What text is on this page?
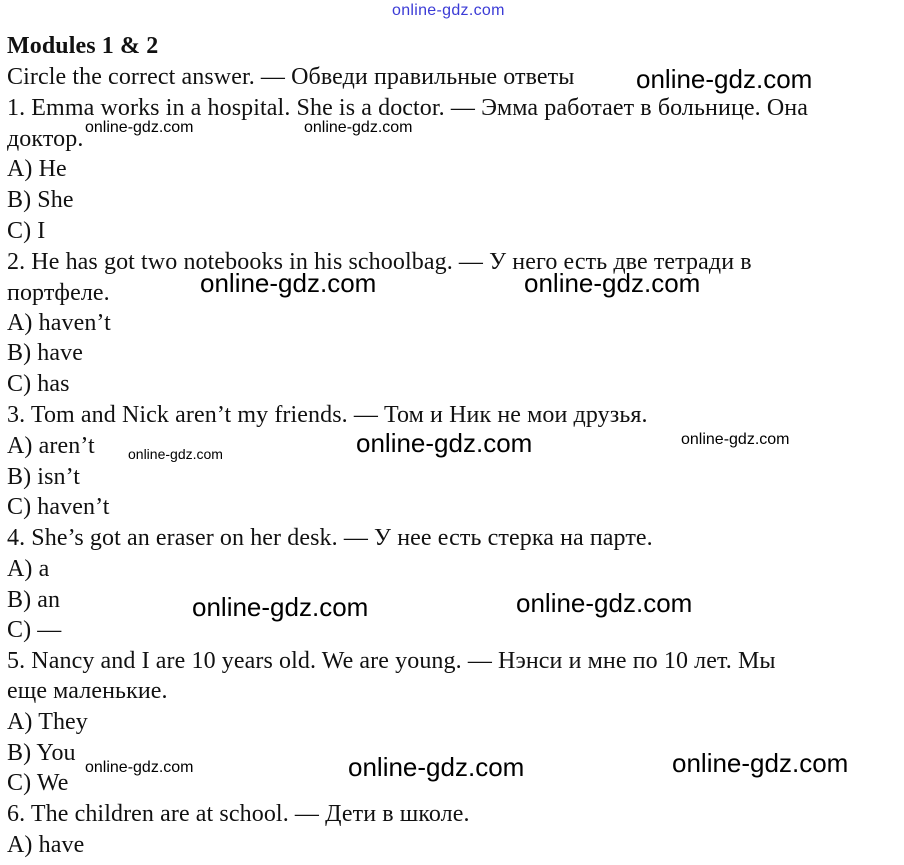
online-gdz.com
Modules 1 & 2
Circle the correct answer. — Обведи правильные ответы
1. Emma works in a hospital. She is a doctor. — Эмма работает в больнице. Она
доктор.
A) He
B) She
C) I
2. He has got two notebooks in his schoolbag. — У него есть две тетради в
портфеле.
A) haven’t
B) have
C) has
3. Tom and Nick aren’t my friends. — Том и Ник не мои друзья.
A) aren’t
B) isn’t
C) haven’t
4. She’s got an eraser on her desk. — У нее есть стерка на парте.
A) a
B) an
C) —
5. Nancy and I are 10 years old. We are young. — Нэнси и мне по 10 лет. Мы
еще маленькие.
A) They
B) You
C) We
6. The children are at school. — Дети в школе.
A) have
online-gdz.com
online-gdz.com	online-gdz.com
online-gdz.com	online-gdz.com
online-gdz.com	online-gdz.com
online-gdz.com
online-gdz.com	online-gdz.com
online-gdz.com	online-gdz.com	online-gdz.com
